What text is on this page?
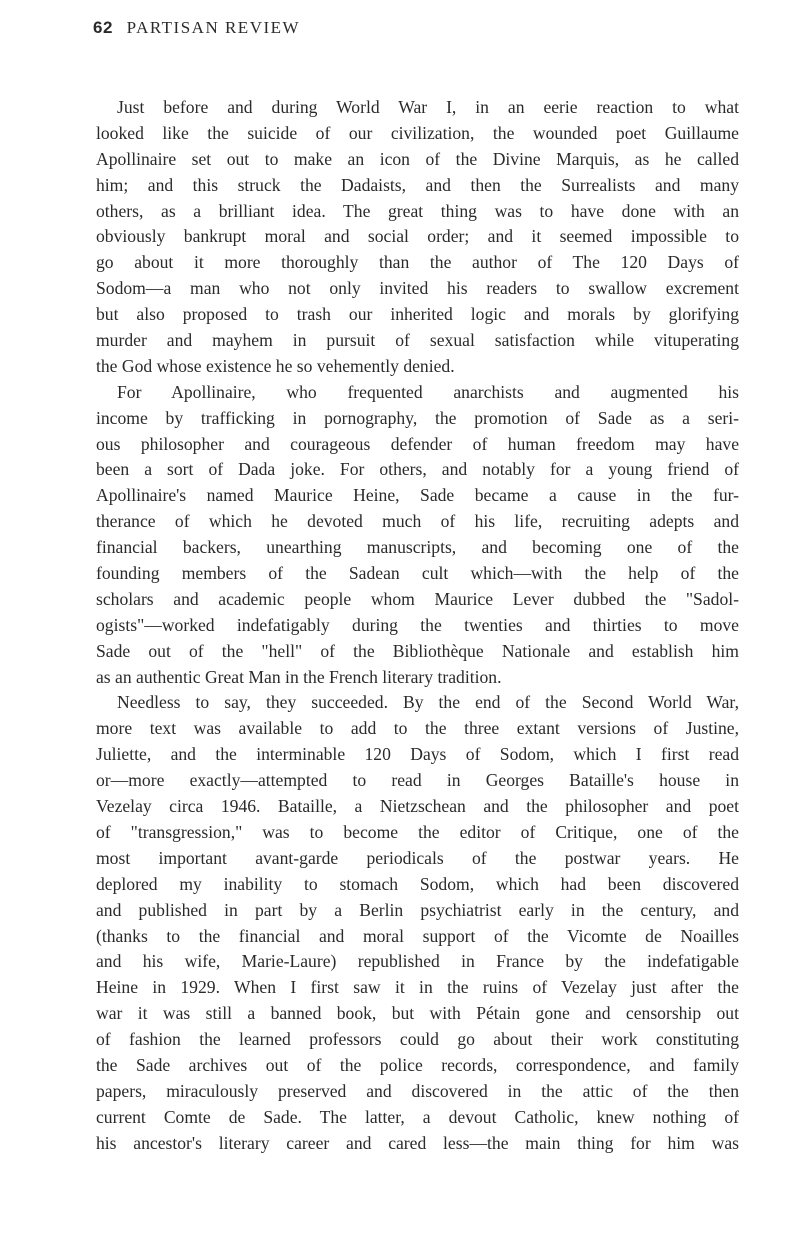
62 PARTISAN REVIEW
Just before and during World War I, in an eerie reaction to what
looked like the suicide of our civilization, the wounded poet Guillaume
Apollinaire set out to make an icon of the Divine Marquis, as he called
him; and this struck the Dadaists, and then the Surrealists and many
others, as a brilliant idea. The great thing was to have done with an
obviously bankrupt moral and social order; and it seemed impossible to
go about it more thoroughly than the author of The 120 Days of
Sodom—a man who not only invited his readers to swallow excrement
but also proposed to trash our inherited logic and morals by glorifying
murder and mayhem in pursuit of sexual satisfaction while vituperating
the God whose existence he so vehemently denied.
For Apollinaire, who frequented anarchists and augmented his
income by trafficking in pornography, the promotion of Sade as a seri-
ous philosopher and courageous defender of human freedom may have
been a sort of Dada joke. For others, and notably for a young friend of
Apollinaire's named Maurice Heine, Sade became a cause in the fur-
therance of which he devoted much of his life, recruiting adepts and
financial backers, unearthing manuscripts, and becoming one of the
founding members of the Sadean cult which—with the help of the
scholars and academic people whom Maurice Lever dubbed the "Sadol-
ogists"—worked indefatigably during the twenties and thirties to move
Sade out of the "hell" of the Bibliothèque Nationale and establish him
as an authentic Great Man in the French literary tradition.
Needless to say, they succeeded. By the end of the Second World War,
more text was available to add to the three extant versions of Justine,
Juliette, and the interminable 120 Days of Sodom, which I first read
or—more exactly—attempted to read in Georges Bataille's house in
Vezelay circa 1946. Bataille, a Nietzschean and the philosopher and poet
of "transgression," was to become the editor of Critique, one of the
most important avant-garde periodicals of the postwar years. He
deplored my inability to stomach Sodom, which had been discovered
and published in part by a Berlin psychiatrist early in the century, and
(thanks to the financial and moral support of the Vicomte de Noailles
and his wife, Marie-Laure) republished in France by the indefatigable
Heine in 1929. When I first saw it in the ruins of Vezelay just after the
war it was still a banned book, but with Pétain gone and censorship out
of fashion the learned professors could go about their work constituting
the Sade archives out of the police records, correspondence, and family
papers, miraculously preserved and discovered in the attic of the then
current Comte de Sade. The latter, a devout Catholic, knew nothing of
his ancestor's literary career and cared less—the main thing for him was
